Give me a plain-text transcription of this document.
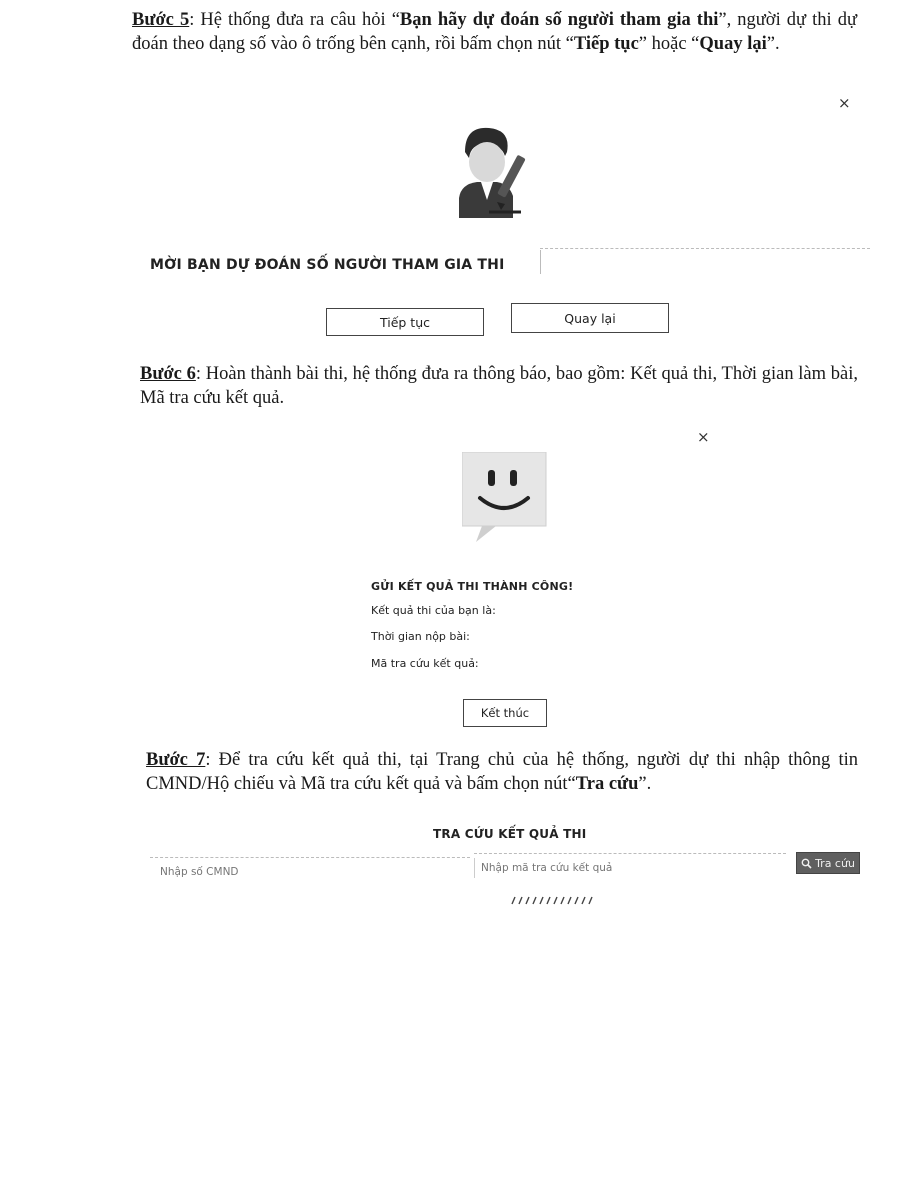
Bước 5: Hệ thống đưa ra câu hỏi “Bạn hãy dự đoán số người tham gia thi”, người dự thi dự đoán theo dạng số vào ô trống bên cạnh, rồi bấm chọn nút “Tiếp tục” hoặc “Quay lại”.
×
MỜI BẠN DỰ ĐOÁN SỐ NGƯỜI THAM GIA THI
Tiếp tục	Quay lại
Bước 6: Hoàn thành bài thi, hệ thống đưa ra thông báo, bao gồm: Kết quả thi, Thời gian làm bài, Mã tra cứu kết quả.
×
GỬI KẾT QUẢ THI THÀNH CÔNG!
Kết quả thi của bạn là:
Thời gian nộp bài:
Mã tra cứu kết quả:
Kết thúc
Bước 7: Để tra cứu kết quả thi, tại Trang chủ của hệ thống, người dự thi nhập thông tin CMND/Hộ chiếu và Mã tra cứu kết quả và bấm chọn nút“Tra cứu”.
TRA CỨU KẾT QUẢ THI
Nhập số CMND
Nhập mã tra cứu kết quả
Tra cứu
